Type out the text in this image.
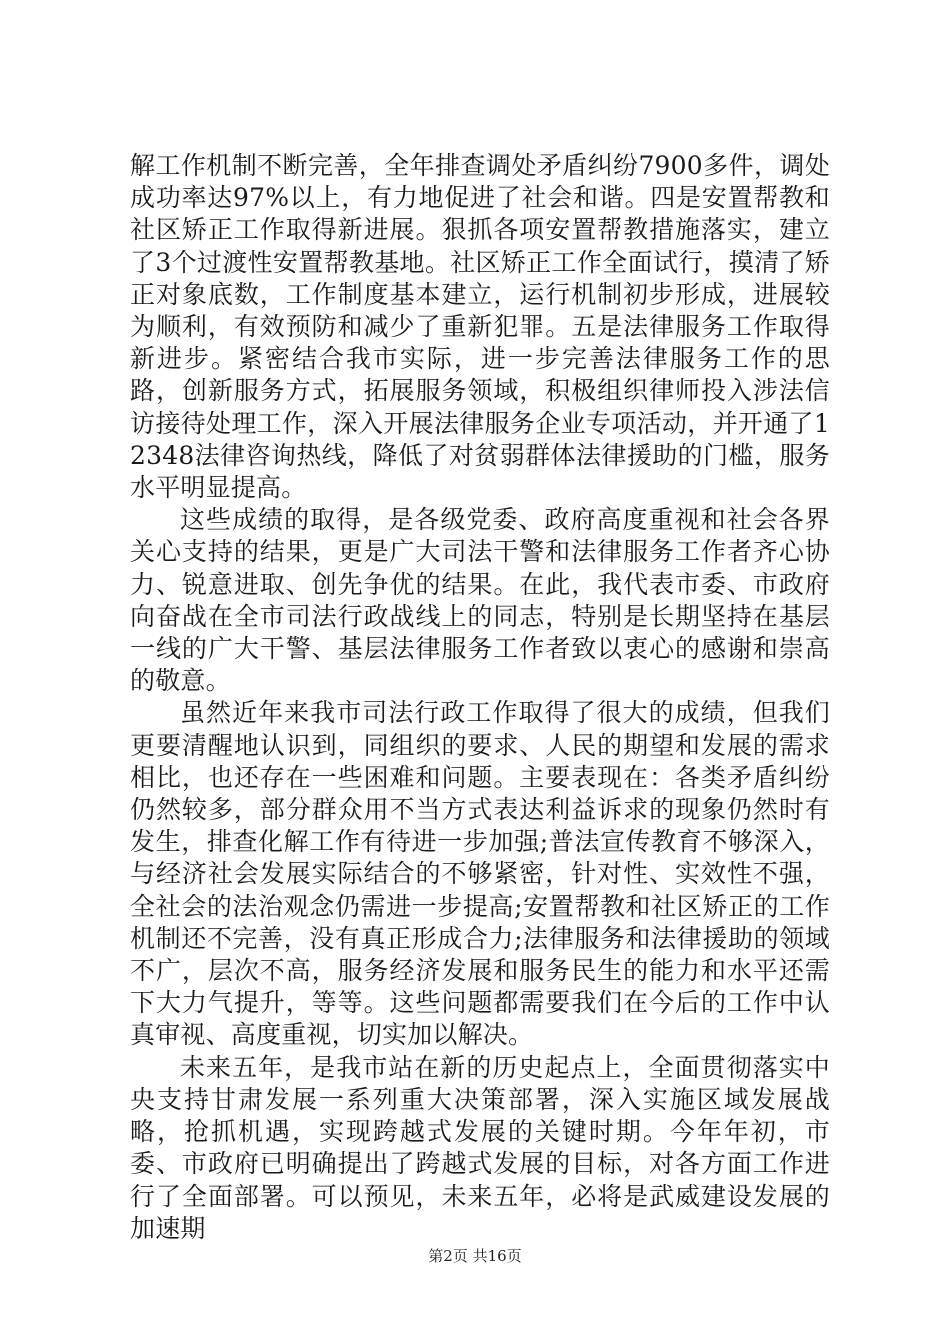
解工作机制不断完善，全年排查调处矛盾纠纷7900多件，调处成功率达97%以上，有力地促进了社会和谐。四是安置帮教和社区矫正工作取得新进展。狠抓各项安置帮教措施落实，建立了3个过渡性安置帮教基地。社区矫正工作全面试行，摸清了矫正对象底数，工作制度基本建立，运行机制初步形成，进展较为顺利，有效预防和减少了重新犯罪。五是法律服务工作取得新进步。紧密结合我市实际，进一步完善法律服务工作的思路，创新服务方式，拓展服务领域，积极组织律师投入涉法信访接待处理工作，深入开展法律服务企业专项活动，并开通了12348法律咨询热线，降低了对贫弱群体法律援助的门槛，服务水平明显提高。

这些成绩的取得，是各级党委、政府高度重视和社会各界关心支持的结果，更是广大司法干警和法律服务工作者齐心协力、锐意进取、创先争优的结果。在此，我代表市委、市政府向奋战在全市司法行政战线上的同志，特别是长期坚持在基层一线的广大干警、基层法律服务工作者致以衷心的感谢和崇高的敬意。

虽然近年来我市司法行政工作取得了很大的成绩，但我们更要清醒地认识到，同组织的要求、人民的期望和发展的需求相比，也还存在一些困难和问题。主要表现在：各类矛盾纠纷仍然较多，部分群众用不当方式表达利益诉求的现象仍然时有发生，排查化解工作有待进一步加强;普法宣传教育不够深入，与经济社会发展实际结合的不够紧密，针对性、实效性不强，全社会的法治观念仍需进一步提高;安置帮教和社区矫正的工作机制还不完善，没有真正形成合力;法律服务和法律援助的领域不广，层次不高，服务经济发展和服务民生的能力和水平还需下大力气提升，等等。这些问题都需要我们在今后的工作中认真审视、高度重视，切实加以解决。

未来五年，是我市站在新的历史起点上，全面贯彻落实中央支持甘肃发展一系列重大决策部署，深入实施区域发展战略，抢抓机遇，实现跨越式发展的关键时期。今年年初，市委、市政府已明确提出了跨越式发展的目标，对各方面工作进行了全面部署。可以预见，未来五年，必将是武威建设发展的加速期

第2页 共16页
